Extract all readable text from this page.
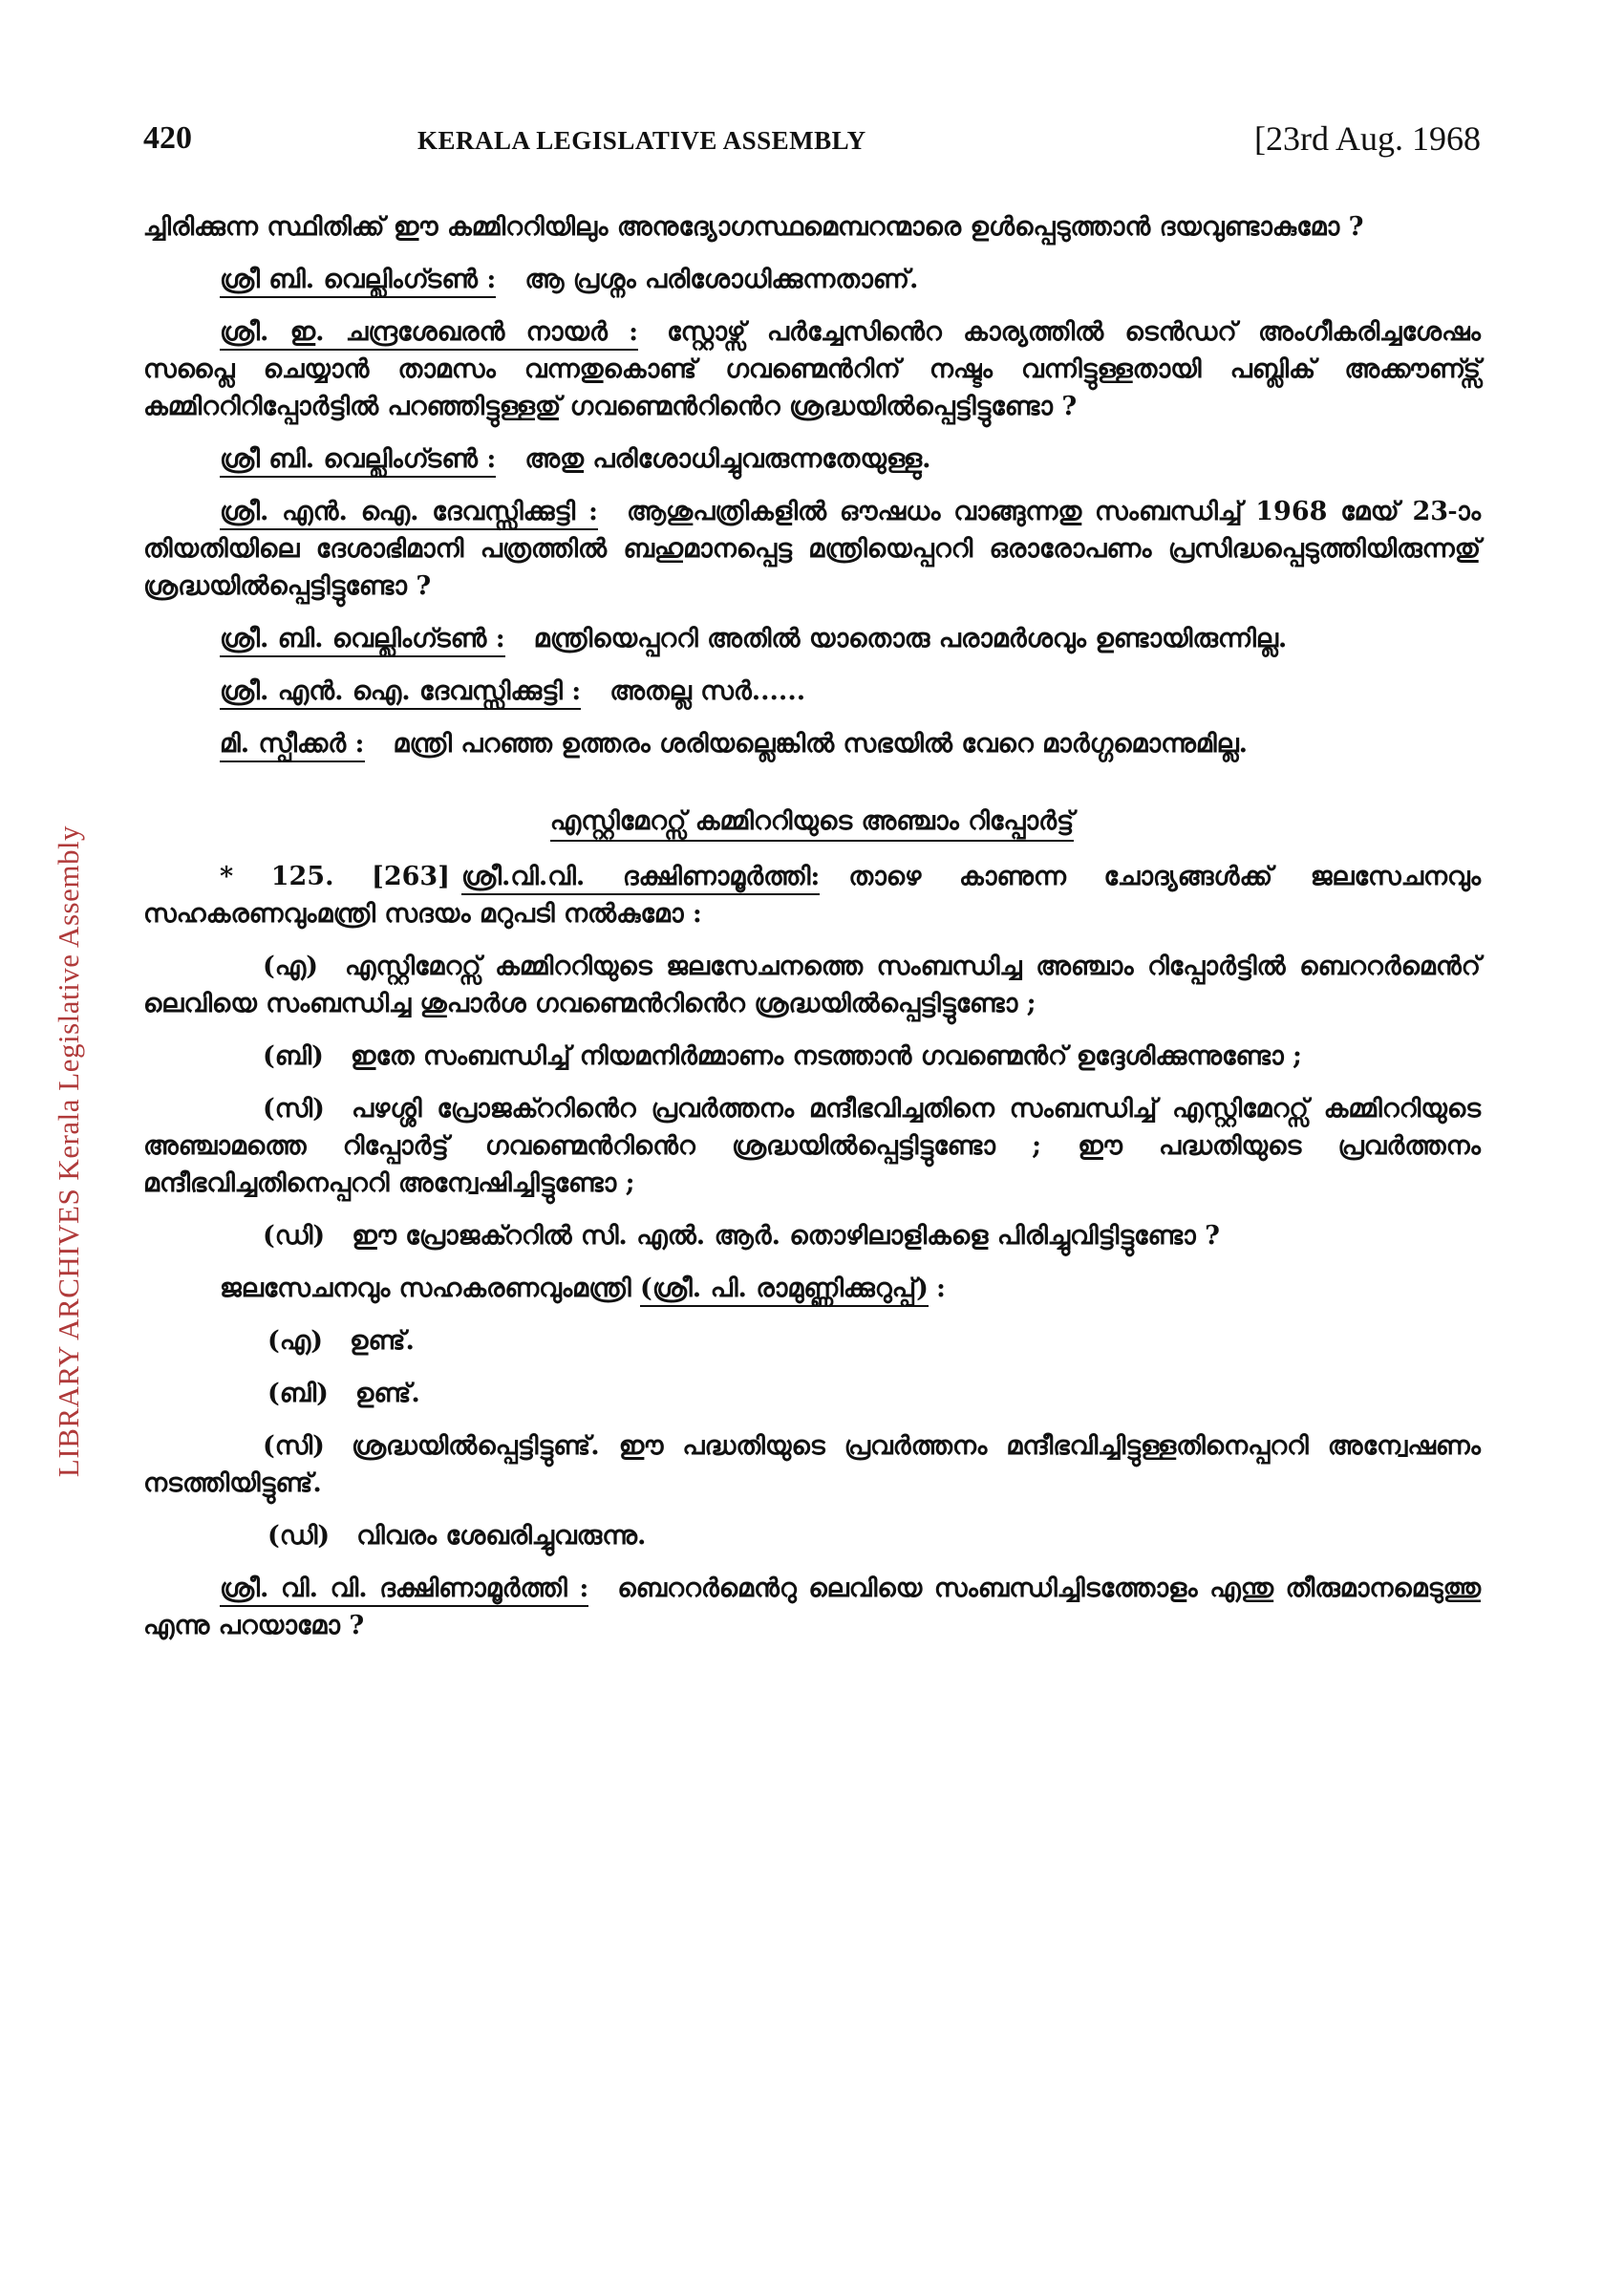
LIBRARY ARCHIVES Kerala Legislative Assembly
420	KERALA LEGISLATIVE ASSEMBLY	[23rd Aug. 1968

ച്ചിരിക്കുന്ന സ്ഥിതിക്ക് ഈ കമ്മിററിയിലും അനുദ്യോഗസ്ഥമെമ്പറന്മാരെ ഉൾപ്പെടുത്താൻ ദയവുണ്ടാകുമോ ?

ശ്രീ ബി. വെല്ലിംഗ്ടൺ : ആ പ്രശ്നം പരിശോധിക്കുന്നതാണ്.

ശ്രീ. ഇ. ചന്ദ്രശേഖരൻ നായർ : സ്റ്റോഴ്സ് പർച്ചേസിൻെറ കാര്യത്തിൽ ടെൻഡറ് അംഗീകരിച്ചശേഷം സപ്ലൈ ചെയ്യാൻ താമസം വന്നതുകൊണ്ട് ഗവണ്മെൻറിന് നഷ്ടം വന്നിട്ടുള്ളതായി പബ്ലിക് അക്കൗണ്ട്സ് കമ്മിററിറിപ്പോർട്ടിൽ പറഞ്ഞിട്ടുള്ളതു് ഗവണ്മെൻറിൻെറ ശ്രദ്ധയിൽപ്പെട്ടിട്ടുണ്ടോ ?

ശ്രീ ബി. വെല്ലിംഗ്ടൺ : അതു പരിശോധിച്ചുവരുന്നതേയുള്ളു.

ശ്രീ. എൻ. ഐ. ദേവസ്സിക്കുട്ടി : ആശുപത്രികളിൽ ഔഷധം വാങ്ങുന്നതു സംബന്ധിച്ച് 1968 മേയ് 23-ാം തിയതിയിലെ ദേശാഭിമാനി പത്രത്തിൽ ബഹുമാനപ്പെട്ട മന്ത്രിയെപ്പററി ഒരാരോപണം പ്രസിദ്ധപ്പെടുത്തിയിരുന്നതു് ശ്രദ്ധയിൽപ്പെട്ടിട്ടുണ്ടോ ?

ശ്രീ. ബി. വെല്ലിംഗ്ടൺ : മന്ത്രിയെപ്പററി അതിൽ യാതൊരു പരാമർശവും ഉണ്ടായിരുന്നില്ല.

ശ്രീ. എൻ. ഐ. ദേവസ്സിക്കുട്ടി : അതല്ല സർ......

മി. സ്പീക്കർ : മന്ത്രി പറഞ്ഞ ഉത്തരം ശരിയല്ലെങ്കിൽ സഭയിൽ വേറെ മാർഗ്ഗമൊന്നുമില്ല.

എസ്റ്റിമേററ്സ് കമ്മിററിയുടെ അഞ്ചാം റിപ്പോർട്ട്

* 125. [263] ശ്രീ.വി.വി. ദക്ഷിണാമൂർത്തി: താഴെ കാണുന്ന ചോദ്യങ്ങൾക്ക് ജലസേചനവും സഹകരണവുംമന്ത്രി സദയം മറുപടി നൽകുമോ :

(എ) എസ്റ്റിമേററ്സ് കമ്മിററിയുടെ ജലസേചനത്തെ സംബന്ധിച്ച അഞ്ചാം റിപ്പോർട്ടിൽ ബെററർമെൻറ് ലെവിയെ സംബന്ധിച്ച ശുപാർശ ഗവണ്മെൻറിൻെറ ശ്രദ്ധയിൽപ്പെട്ടിട്ടുണ്ടോ ;

(ബി) ഇതേ സംബന്ധിച്ച് നിയമനിർമ്മാണം നടത്താൻ ഗവണ്മെൻറ് ഉദ്ദേശിക്കുന്നുണ്ടോ ;

(സി) പഴശ്ശി പ്രോജക്ററിൻെറ പ്രവർത്തനം മന്ദീഭവിച്ചതിനെ സംബന്ധിച്ച് എസ്റ്റിമേററ്സ് കമ്മിററിയുടെ അഞ്ചാമത്തെ റിപ്പോർട്ട് ഗവണ്മെൻറിൻെറ ശ്രദ്ധയിൽപ്പെട്ടിട്ടുണ്ടോ ; ഈ പദ്ധതിയുടെ പ്രവർത്തനം മന്ദീഭവിച്ചതിനെപ്പററി അന്വേഷിച്ചിട്ടുണ്ടോ ;

(ഡി) ഈ പ്രോജക്ററിൽ സി. എൽ. ആർ. തൊഴിലാളികളെ പിരിച്ചുവിട്ടിട്ടുണ്ടോ ?

ജലസേചനവും സഹകരണവുംമന്ത്രി (ശ്രീ. പി. രാമുണ്ണിക്കുറുപ്പ്) :

(എ) ഉണ്ട്.

(ബി) ഉണ്ട്.

(സി) ശ്രദ്ധയിൽപ്പെട്ടിട്ടുണ്ട്. ഈ പദ്ധതിയുടെ പ്രവർത്തനം മന്ദീഭവിച്ചിട്ടുള്ളതിനെപ്പററി അന്വേഷണം നടത്തിയിട്ടുണ്ട്.

(ഡി) വിവരം ശേഖരിച്ചുവരുന്നു.

ശ്രീ. വി. വി. ദക്ഷിണാമൂർത്തി : ബെററർമെൻറു ലെവിയെ സംബന്ധിച്ചിടത്തോളം എന്തു തീരുമാനമെടുത്തു എന്നു പറയാമോ ?
